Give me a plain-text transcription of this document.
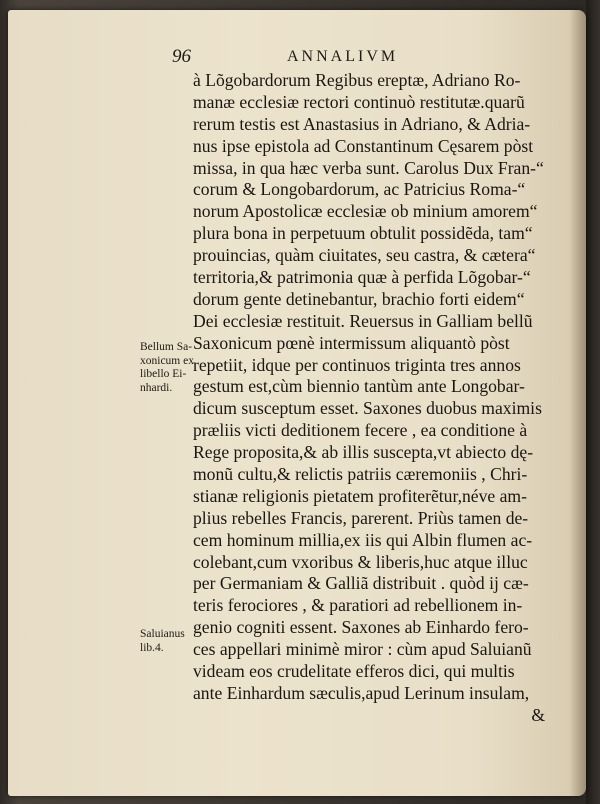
96	ANNALIVM
à Lõgobardorum Regibus ereptæ, Adriano Ro-
manæ ecclesiæ rectori continuò restitutæ.quarũ
rerum testis est Anastasius in Adriano, & Adria-
nus ipse epistola ad Constantinum Cęsarem pòst
missa, in qua hæc verba sunt. Carolus Dux Fran-“
corum & Longobardorum, ac Patricius Roma-“
norum Apostolicæ ecclesiæ ob minium amorem“
plura bona in perpetuum obtulit possidẽda, tam“
prouincias, quàm ciuitates, seu castra, & cætera“
territoria,& patrimonia quæ à perfida Lõgobar-“
dorum gente detinebantur, brachio forti eidem“
Dei ecclesiæ restituit. Reuersus in Galliam bellũ
Saxonicum pœnè intermissum aliquantò pòst
repetiit, idque per continuos triginta tres annos
gestum est,cùm biennio tantùm ante Longobar-
dicum susceptum esset. Saxones duobus maximis
præliis victi deditionem fecere , ea conditione à
Rege proposita,& ab illis suscepta,vt abiecto dę-
monũ cultu,& relictis patriis cæremoniis , Chri-
stianæ religionis pietatem profiterẽtur,néve am-
plius rebelles Francis, parerent. Priùs tamen de-
cem hominum millia,ex iis qui Albin flumen ac-
colebant,cum vxoribus & liberis,huc atque illuc
per Germaniam & Galliã distribuit . quòd ij cæ-
teris ferociores , & paratiori ad rebellionem in-
genio cogniti essent. Saxones ab Einhardo fero-
ces appellari minimè miror : cùm apud Saluianũ
videam eos crudelitate efferos dici, qui multis
ante Einhardum sæculis,apud Lerinum insulam,
&
Bellum Sa-
xonicum ex
libello Ei-
nhardi.
Saluianus
lib.4.
